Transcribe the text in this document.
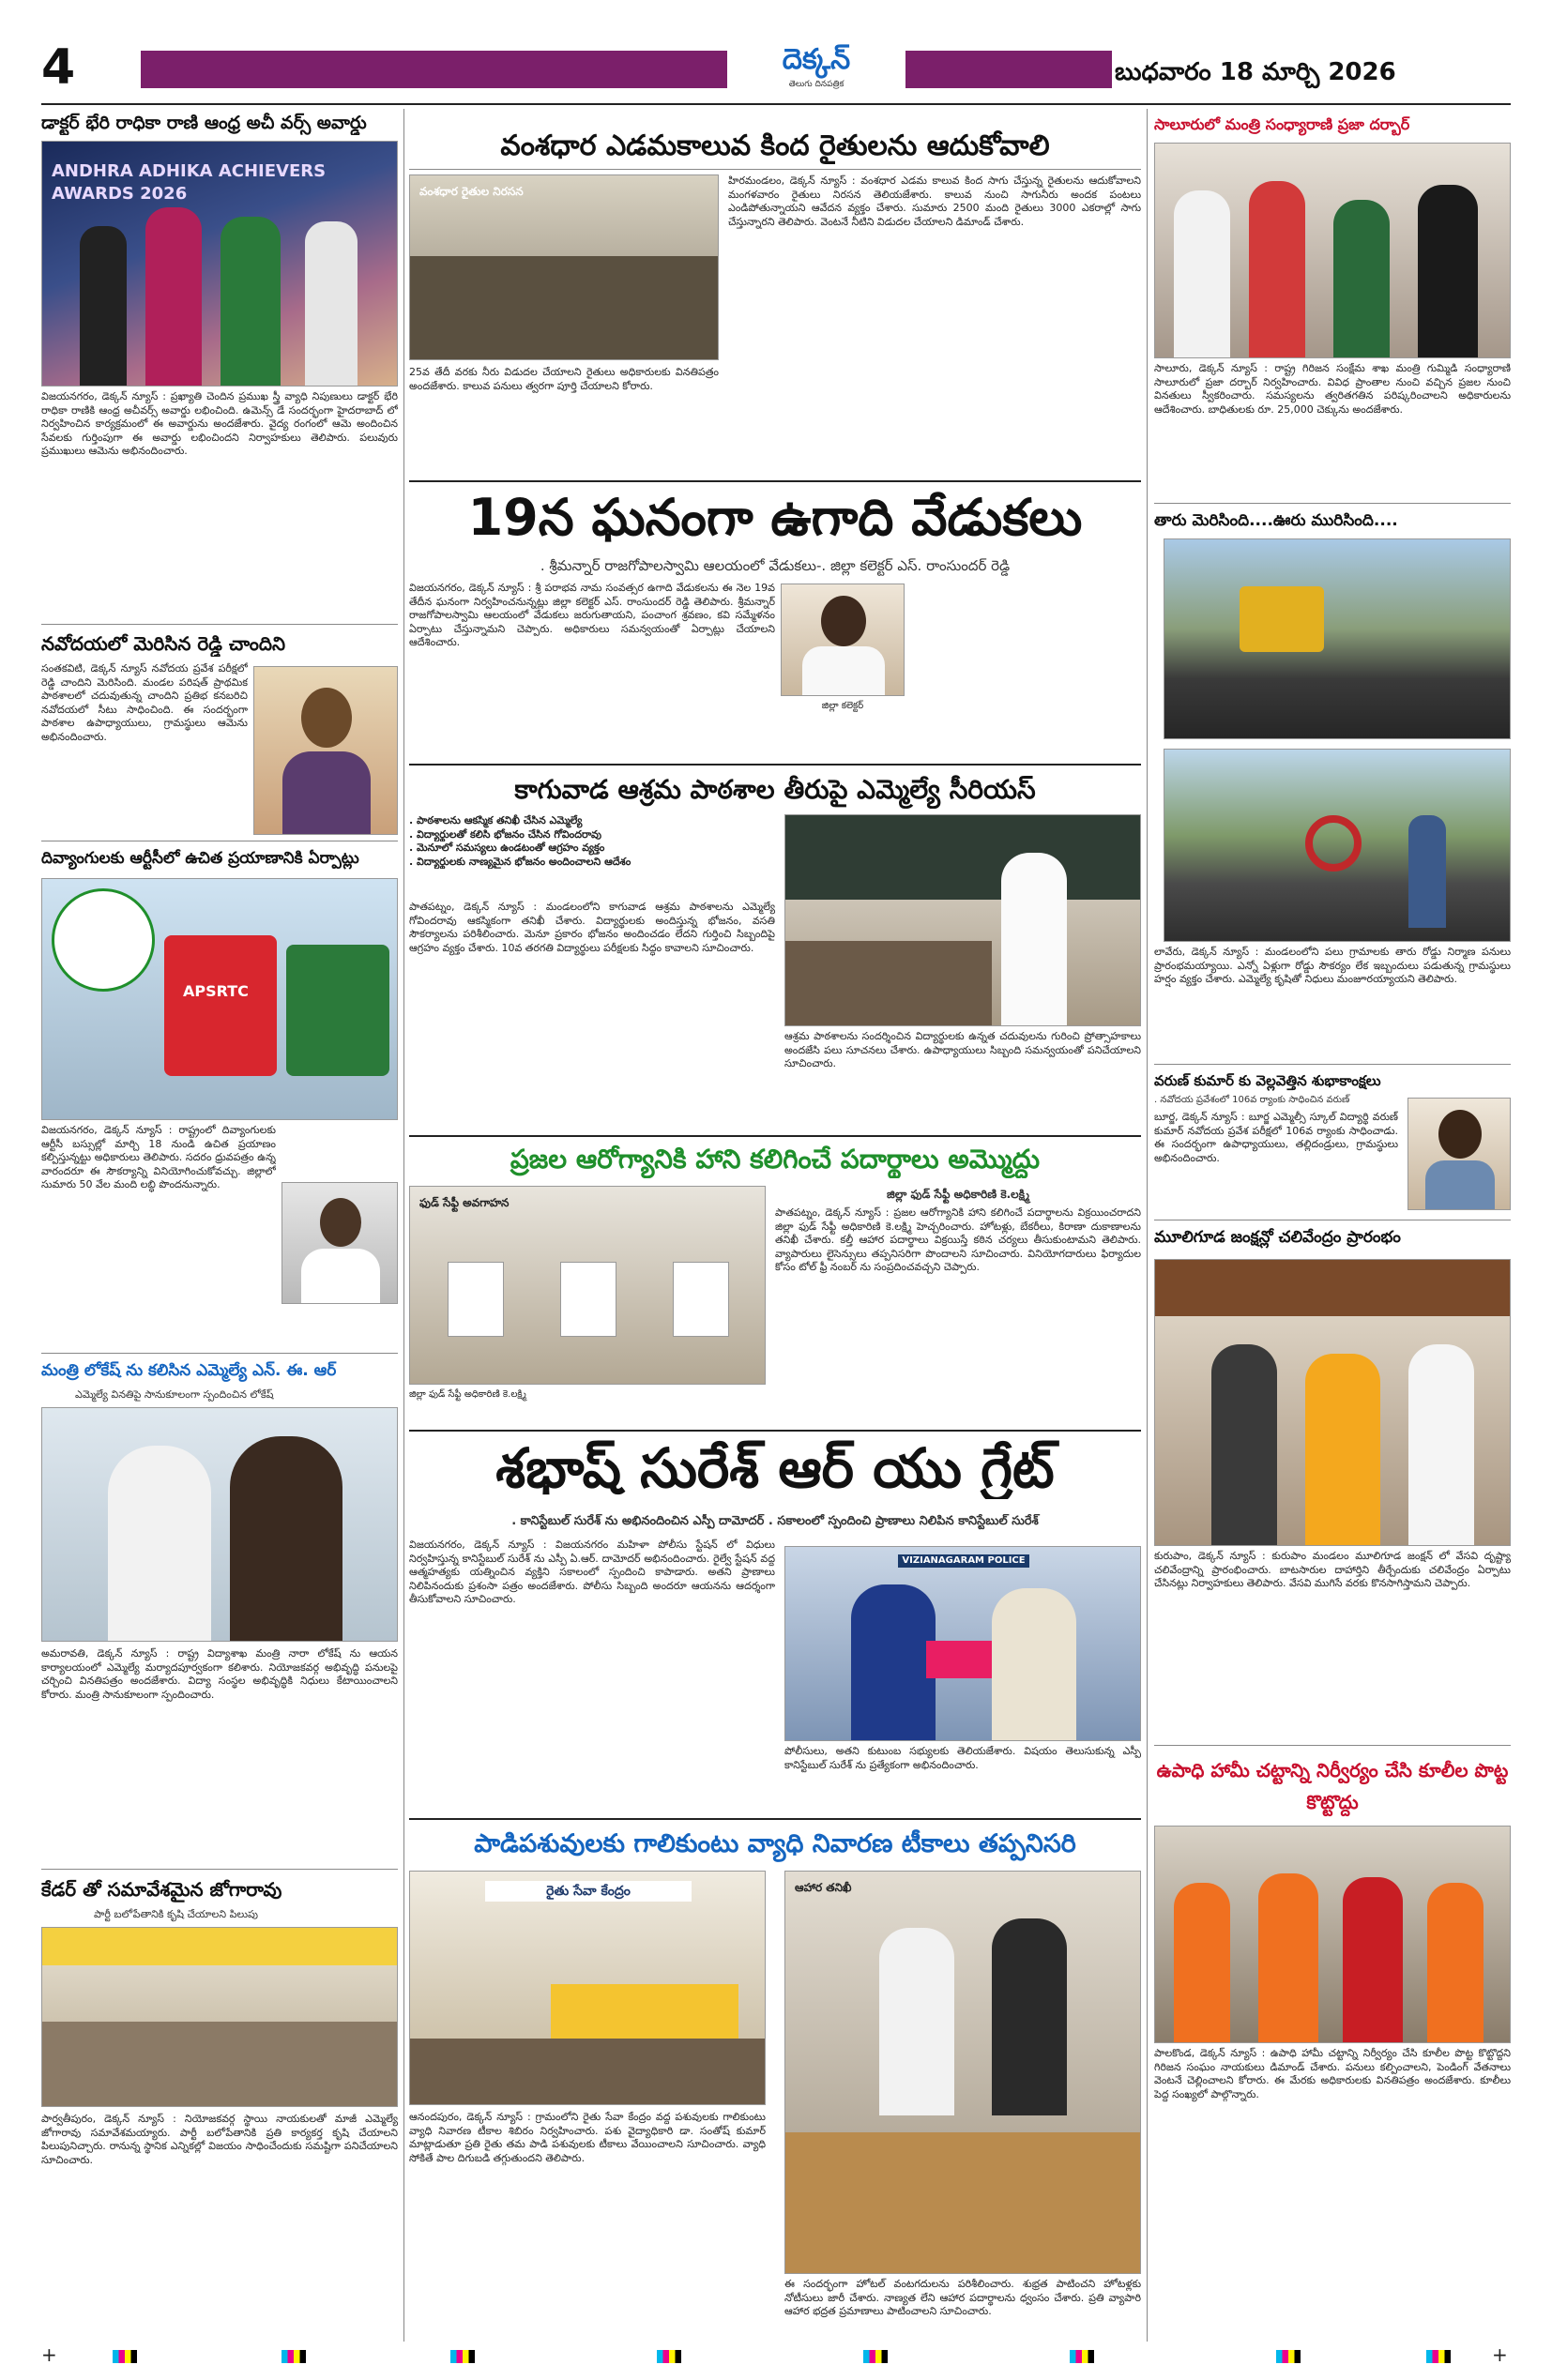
4	దెక్కన్
తెలుగు దినపత్రిక	బుధవారం 18 మార్చి 2026
డాక్టర్ భేరి రాధికా రాణి ఆంధ్ర అచీ వర్స్ అవార్డు
ANDHRA ADHIKA ACHIEVERS AWARDS 2026
విజయనగరం, డెక్కన్ న్యూస్ : ప్రఖ్యాతి చెందిన ప్రముఖ స్త్రీ వ్యాధి నిపుణులు డాక్టర్ భేరి రాధికా రాణికి ఆంధ్ర అచీవర్స్ అవార్డు లభించింది. ఉమెన్స్ డే సందర్భంగా హైదరాబాద్ లో నిర్వహించిన కార్యక్రమంలో ఈ అవార్డును అందజేశారు. వైద్య రంగంలో ఆమె అందించిన సేవలకు గుర్తింపుగా ఈ అవార్డు లభించిందని నిర్వాహకులు తెలిపారు. పలువురు ప్రముఖులు ఆమెను అభినందించారు.
నవోదయలో మెరిసిన రెడ్డి చాందిని
సంతకవిటి, డెక్కన్ న్యూస్ నవోదయ ప్రవేశ పరీక్షలో రెడ్డి చాందిని మెరిసింది. మండల పరిషత్ ప్రాథమిక పాఠశాలలో చదువుతున్న చాందిని ప్రతిభ కనబరిచి నవోదయలో సీటు సాధించింది. ఈ సందర్భంగా పాఠశాల ఉపాధ్యాయులు, గ్రామస్థులు ఆమెను అభినందించారు.
దివ్యాంగులకు ఆర్టీసీలో ఉచిత ప్రయాణానికి ఏర్పాట్లు
APSRTC
విజయనగరం, డెక్కన్ న్యూస్ : రాష్ట్రంలో దివ్యాంగులకు ఆర్టీసీ బస్సుల్లో మార్చి 18 నుండి ఉచిత ప్రయాణం కల్పిస్తున్నట్టు అధికారులు తెలిపారు. సదరం ధ్రువపత్రం ఉన్న వారందరూ ఈ సౌకర్యాన్ని వినియోగించుకోవచ్చు. జిల్లాలో సుమారు 50 వేల మంది లబ్ధి పొందనున్నారు.
మంత్రి లోకేష్ ను కలిసిన ఎమ్మెల్యే ఎన్. ఈ. ఆర్
ఎమ్మెల్యే వినతిపై సానుకూలంగా స్పందించిన లోకేష్
అమరావతి, డెక్కన్ న్యూస్ : రాష్ట్ర విద్యాశాఖ మంత్రి నారా లోకేష్ ను ఆయన కార్యాలయంలో ఎమ్మెల్యే మర్యాదపూర్వకంగా కలిశారు. నియోజకవర్గ అభివృద్ధి పనులపై చర్చించి వినతిపత్రం అందజేశారు. విద్యా సంస్థల అభివృద్ధికి నిధులు కేటాయించాలని కోరారు. మంత్రి సానుకూలంగా స్పందించారు.
కేడర్ తో సమావేశమైన జోగారావు
పార్టీ బలోపేతానికి కృషి చేయాలని పిలుపు
పార్వతీపురం, డెక్కన్ న్యూస్ : నియోజకవర్గ స్థాయి నాయకులతో మాజీ ఎమ్మెల్యే జోగారావు సమావేశమయ్యారు. పార్టీ బలోపేతానికి ప్రతి కార్యకర్త కృషి చేయాలని పిలుపునిచ్చారు. రానున్న స్థానిక ఎన్నికల్లో విజయం సాధించేందుకు సమష్టిగా పనిచేయాలని సూచించారు.
వంశధార ఎడమకాలువ కింద రైతులను ఆదుకోవాలి
వంశధార రైతుల నిరసన
25వ తేదీ వరకు నీరు విడుదల చేయాలని రైతులు అధికారులకు వినతిపత్రం అందజేశారు. కాలువ పనులు త్వరగా పూర్తి చేయాలని కోరారు.
హిరమండలం, డెక్కన్ న్యూస్ : వంశధార ఎడమ కాలువ కింద సాగు చేస్తున్న రైతులను ఆదుకోవాలని మంగళవారం రైతులు నిరసన తెలియజేశారు. కాలువ నుంచి సాగునీరు అందక పంటలు ఎండిపోతున్నాయని ఆవేదన వ్యక్తం చేశారు. సుమారు 2500 మంది రైతులు 3000 ఎకరాల్లో సాగు చేస్తున్నారని తెలిపారు. వెంటనే నీటిని విడుదల చేయాలని డిమాండ్ చేశారు.
19న ఘనంగా ఉగాది వేడుకలు
. శ్రీమన్నార్ రాజగోపాలస్వామి ఆలయంలో వేడుకలు-. జిల్లా కలెక్టర్ ఎస్. రాంసుందర్ రెడ్డి
విజయనగరం, డెక్కన్ న్యూస్ : శ్రీ పరాభవ నామ సంవత్సర ఉగాది వేడుకలను ఈ నెల 19వ తేదీన ఘనంగా నిర్వహించనున్నట్లు జిల్లా కలెక్టర్ ఎస్. రాంసుందర్ రెడ్డి తెలిపారు. శ్రీమన్నార్ రాజగోపాలస్వామి ఆలయంలో వేడుకలు జరుగుతాయని, పంచాంగ శ్రవణం, కవి సమ్మేళనం ఏర్పాటు చేస్తున్నామని చెప్పారు. అధికారులు సమన్వయంతో ఏర్పాట్లు చేయాలని ఆదేశించారు.
జిల్లా కలెక్టర్
కాగువాడ ఆశ్రమ పాఠశాల తీరుపై ఎమ్మెల్యే సీరియస్
. పాఠశాలను ఆకస్మిక తనిఖీ చేసిన ఎమ్మెల్యే
. విద్యార్థులతో కలిసి భోజనం చేసిన గోవిందరావు
. మెనూలో సమస్యలు ఉండటంతో ఆగ్రహం వ్యక్తం
. విద్యార్థులకు నాణ్యమైన భోజనం అందించాలని ఆదేశం
పాతపట్నం, డెక్కన్ న్యూస్ : మండలంలోని కాగువాడ ఆశ్రమ పాఠశాలను ఎమ్మెల్యే గోవిందరావు ఆకస్మికంగా తనిఖీ చేశారు. విద్యార్థులకు అందిస్తున్న భోజనం, వసతి సౌకర్యాలను పరిశీలించారు. మెనూ ప్రకారం భోజనం అందించడం లేదని గుర్తించి సిబ్బందిపై ఆగ్రహం వ్యక్తం చేశారు. 10వ తరగతి విద్యార్థులు పరీక్షలకు సిద్ధం కావాలని సూచించారు.
ఆశ్రమ పాఠశాలను సందర్శించిన విద్యార్థులకు ఉన్నత చదువులను గురించి ప్రోత్సాహకాలు అందజేసి పలు సూచనలు చేశారు. ఉపాధ్యాయులు సిబ్బంది సమన్వయంతో పనిచేయాలని సూచించారు.
ప్రజల ఆరోగ్యానికి హాని కలిగించే పదార్థాలు అమ్మొద్దు
ఫుడ్ సేఫ్టీ అవగాహన
జిల్లా ఫుడ్ సేఫ్టీ అధికారిణి కె.లక్ష్మి
పాతపట్నం, డెక్కన్ న్యూస్ : ప్రజల ఆరోగ్యానికి హాని కలిగించే పదార్థాలను విక్రయించరాదని జిల్లా ఫుడ్ సేఫ్టీ అధికారిణి కె.లక్ష్మి హెచ్చరించారు. హోటళ్లు, బేకరీలు, కిరాణా దుకాణాలను తనిఖీ చేశారు. కల్తీ ఆహార పదార్థాలు విక్రయిస్తే కఠిన చర్యలు తీసుకుంటామని తెలిపారు. వ్యాపారులు లైసెన్సులు తప్పనిసరిగా పొందాలని సూచించారు. వినియోగదారులు ఫిర్యాదుల కోసం టోల్ ఫ్రీ నంబర్ ను సంప్రదించవచ్చని చెప్పారు.
జిల్లా ఫుడ్ సేఫ్టీ అధికారిణి కె.లక్ష్మి
శభాష్ సురేశ్ ఆర్ యు గ్రేట్
. కానిస్టేబుల్ సురేశ్ ను అభినందించిన ఎస్పీ దామోదర్ . సకాలంలో స్పందించి ప్రాణాలు నిలిపిన కానిస్టేబుల్ సురేశ్
విజయనగరం, డెక్కన్ న్యూస్ : విజయనగరం మహిళా పోలీసు స్టేషన్ లో విధులు నిర్వహిస్తున్న కానిస్టేబుల్ సురేశ్ ను ఎస్పీ ఏ.ఆర్. దామోదర్ అభినందించారు. రైల్వే స్టేషన్ వద్ద ఆత్మహత్యకు యత్నించిన వ్యక్తిని సకాలంలో స్పందించి కాపాడారు. అతని ప్రాణాలు నిలిపినందుకు ప్రశంసా పత్రం అందజేశారు. పోలీసు సిబ్బంది అందరూ ఆయనను ఆదర్శంగా తీసుకోవాలని సూచించారు.
VIZIANAGARAM POLICE
పోలీసులు, అతని కుటుంబ సభ్యులకు తెలియజేశారు. విషయం తెలుసుకున్న ఎస్పీ కానిస్టేబుల్ సురేశ్ ను ప్రత్యేకంగా అభినందించారు.
పాడిపశువులకు గాలికుంటు వ్యాధి నివారణ టీకాలు తప్పనిసరి
రైతు సేవా కేంద్రం
ఆనందపురం, డెక్కన్ న్యూస్ : గ్రామంలోని రైతు సేవా కేంద్రం వద్ద పశువులకు గాలికుంటు వ్యాధి నివారణ టీకాల శిబిరం నిర్వహించారు. పశు వైద్యాధికారి డా. సంతోష్ కుమార్ మాట్లాడుతూ ప్రతి రైతు తమ పాడి పశువులకు టీకాలు వేయించాలని సూచించారు. వ్యాధి సోకితే పాల దిగుబడి తగ్గుతుందని తెలిపారు.
ఆహార తనిఖీ
ఈ సందర్భంగా హోటల్ వంటగదులను పరిశీలించారు. శుభ్రత పాటించని హోటళ్లకు నోటీసులు జారీ చేశారు. నాణ్యత లేని ఆహార పదార్థాలను ధ్వంసం చేశారు. ప్రతి వ్యాపారి ఆహార భద్రత ప్రమాణాలు పాటించాలని సూచించారు.
సాలూరులో మంత్రి సంధ్యారాణి ప్రజా దర్బార్
సాలూరు, డెక్కన్ న్యూస్ : రాష్ట్ర గిరిజన సంక్షేమ శాఖ మంత్రి గుమ్మిడి సంధ్యారాణి సాలూరులో ప్రజా దర్బార్ నిర్వహించారు. వివిధ ప్రాంతాల నుంచి వచ్చిన ప్రజల నుంచి వినతులు స్వీకరించారు. సమస్యలను త్వరితగతిన పరిష్కరించాలని అధికారులను ఆదేశించారు. బాధితులకు రూ. 25,000 చెక్కును అందజేశారు.
తారు మెరిసింది....ఊరు మురిసింది....
లావేరు, డెక్కన్ న్యూస్ : మండలంలోని పలు గ్రామాలకు తారు రోడ్డు నిర్మాణ పనులు ప్రారంభమయ్యాయి. ఎన్నో ఏళ్లుగా రోడ్డు సౌకర్యం లేక ఇబ్బందులు పడుతున్న గ్రామస్థులు హర్షం వ్యక్తం చేశారు. ఎమ్మెల్యే కృషితో నిధులు మంజూరయ్యాయని తెలిపారు.
వరుణ్ కుమార్ కు వెల్లవెత్తిన శుభాకాంక్షలు
. నవోదయ ప్రవేశంలో 106వ ర్యాంకు సాధించిన వరుణ్
బూర్జ, డెక్కన్ న్యూస్ : బూర్జ ఎమ్మెల్సీ స్కూల్ విద్యార్థి వరుణ్ కుమార్ నవోదయ ప్రవేశ పరీక్షలో 106వ ర్యాంకు సాధించాడు. ఈ సందర్భంగా ఉపాధ్యాయులు, తల్లిదండ్రులు, గ్రామస్థులు అభినందించారు.
మూలిగూడ జంక్షన్లో చలివేంద్రం ప్రారంభం
కురుపాం, డెక్కన్ న్యూస్ : కురుపాం మండలం మూలిగూడ జంక్షన్ లో వేసవి దృష్ట్యా చలివేంద్రాన్ని ప్రారంభించారు. బాటసారుల దాహార్తిని తీర్చేందుకు చలివేంద్రం ఏర్పాటు చేసినట్లు నిర్వాహకులు తెలిపారు. వేసవి ముగిసే వరకు కొనసాగిస్తామని చెప్పారు.
ఉపాధి హామీ చట్టాన్ని నిర్వీర్యం చేసి కూలీల పొట్ట కొట్టొద్దు
పాలకొండ, డెక్కన్ న్యూస్ : ఉపాధి హామీ చట్టాన్ని నిర్వీర్యం చేసి కూలీల పొట్ట కొట్టొద్దని గిరిజన సంఘం నాయకులు డిమాండ్ చేశారు. పనులు కల్పించాలని, పెండింగ్ వేతనాలు వెంటనే చెల్లించాలని కోరారు. ఈ మేరకు అధికారులకు వినతిపత్రం అందజేశారు. కూలీలు పెద్ద సంఖ్యలో పాల్గొన్నారు.
+	+
